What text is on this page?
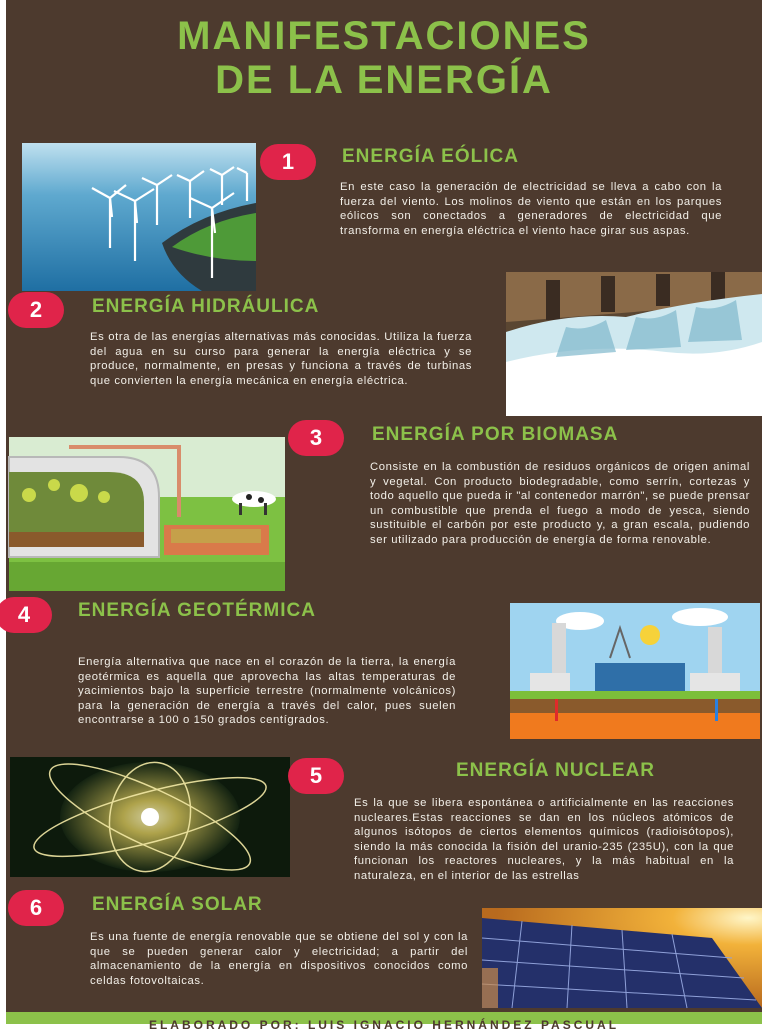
MANIFESTACIONES
DE LA ENERGÍA
1	ENERGÍA EÓLICA
En este caso la generación de electricidad se lleva a cabo con la fuerza del viento. Los molinos de viento que están en los parques eólicos son conectados a generadores de electricidad que transforma en energía eléctrica el viento hace girar sus aspas.
2	ENERGÍA HIDRÁULICA
Es otra de las energías alternativas más conocidas. Utiliza la fuerza del agua en su curso para generar la energía eléctrica y se produce, normalmente, en presas y funciona a través de turbinas que convierten la energía mecánica en energía eléctrica.
3	ENERGÍA POR BIOMASA
Consiste en la combustión de residuos orgánicos de origen animal y vegetal. Con producto biodegradable, como serrín, cortezas y todo aquello que pueda ir "al contenedor marrón", se puede prensar un combustible que prenda el fuego a modo de yesca, siendo sustituible el carbón por este producto y, a gran escala, pudiendo ser utilizado para producción de energía de forma renovable.
4	ENERGÍA GEOTÉRMICA
Energía alternativa que nace en el corazón de la tierra, la energía geotérmica es aquella que aprovecha las altas temperaturas de yacimientos bajo la superficie terrestre (normalmente volcánicos) para la generación de energía a través del calor, pues suelen encontrarse a 100 o 150 grados centígrados.
5	ENERGÍA NUCLEAR
Es la que se libera espontánea o artificialmente en las reacciones nucleares.Estas reacciones se dan en los núcleos atómicos de algunos isótopos de ciertos elementos químicos (radioisótopos), siendo la más conocida la fisión del uranio-235 (235U), con la que funcionan los reactores nucleares, y la más habitual en la naturaleza, en el interior de las estrellas
6	ENERGÍA SOLAR
Es una fuente de energía renovable que se obtiene del sol y con la que se pueden generar calor y electricidad; a partir del almacenamiento de la energía en dispositivos conocidos como celdas fotovoltaicas.
ELABORADO POR: LUIS IGNACIO HERNÁNDEZ PASCUAL
